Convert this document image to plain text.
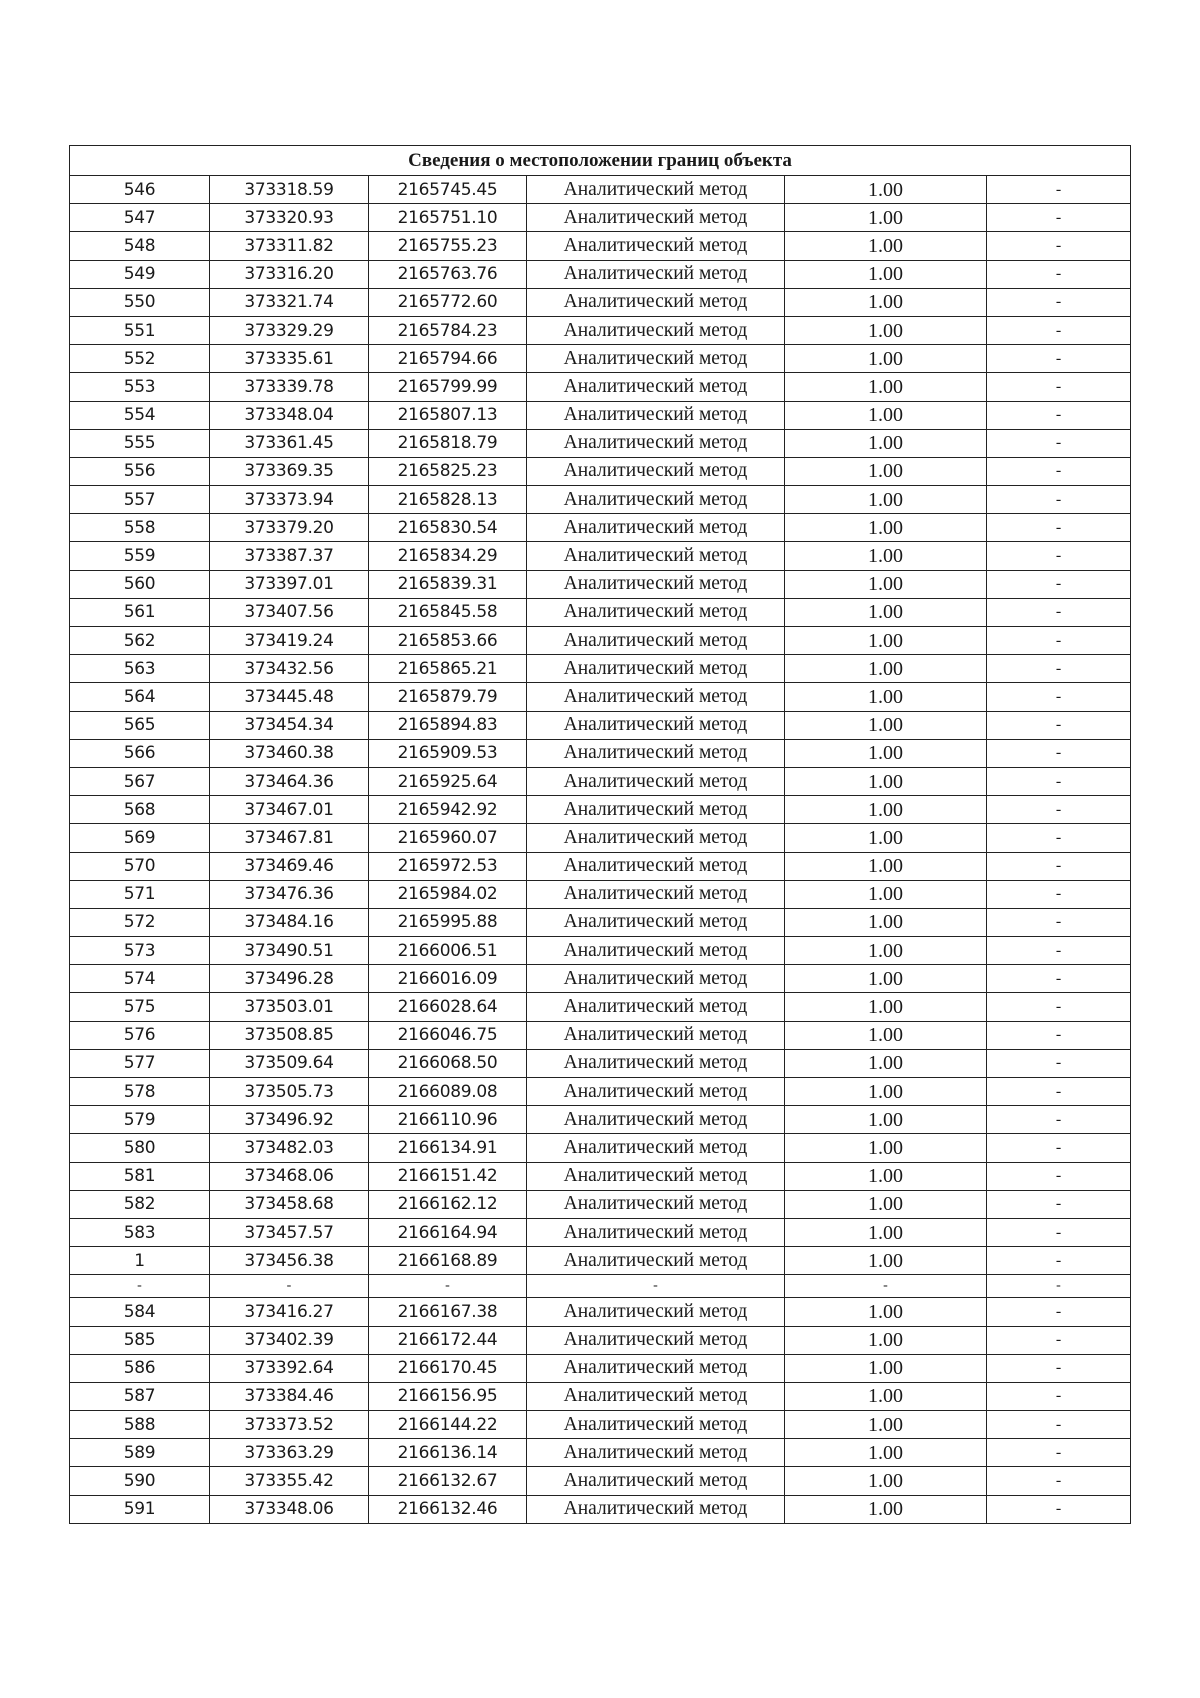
Сведения о местоположении границ объекта					
546	373318.59	2165745.45	Аналитический метод	1.00	-
547	373320.93	2165751.10	Аналитический метод	1.00	-
548	373311.82	2165755.23	Аналитический метод	1.00	-
549	373316.20	2165763.76	Аналитический метод	1.00	-
550	373321.74	2165772.60	Аналитический метод	1.00	-
551	373329.29	2165784.23	Аналитический метод	1.00	-
552	373335.61	2165794.66	Аналитический метод	1.00	-
553	373339.78	2165799.99	Аналитический метод	1.00	-
554	373348.04	2165807.13	Аналитический метод	1.00	-
555	373361.45	2165818.79	Аналитический метод	1.00	-
556	373369.35	2165825.23	Аналитический метод	1.00	-
557	373373.94	2165828.13	Аналитический метод	1.00	-
558	373379.20	2165830.54	Аналитический метод	1.00	-
559	373387.37	2165834.29	Аналитический метод	1.00	-
560	373397.01	2165839.31	Аналитический метод	1.00	-
561	373407.56	2165845.58	Аналитический метод	1.00	-
562	373419.24	2165853.66	Аналитический метод	1.00	-
563	373432.56	2165865.21	Аналитический метод	1.00	-
564	373445.48	2165879.79	Аналитический метод	1.00	-
565	373454.34	2165894.83	Аналитический метод	1.00	-
566	373460.38	2165909.53	Аналитический метод	1.00	-
567	373464.36	2165925.64	Аналитический метод	1.00	-
568	373467.01	2165942.92	Аналитический метод	1.00	-
569	373467.81	2165960.07	Аналитический метод	1.00	-
570	373469.46	2165972.53	Аналитический метод	1.00	-
571	373476.36	2165984.02	Аналитический метод	1.00	-
572	373484.16	2165995.88	Аналитический метод	1.00	-
573	373490.51	2166006.51	Аналитический метод	1.00	-
574	373496.28	2166016.09	Аналитический метод	1.00	-
575	373503.01	2166028.64	Аналитический метод	1.00	-
576	373508.85	2166046.75	Аналитический метод	1.00	-
577	373509.64	2166068.50	Аналитический метод	1.00	-
578	373505.73	2166089.08	Аналитический метод	1.00	-
579	373496.92	2166110.96	Аналитический метод	1.00	-
580	373482.03	2166134.91	Аналитический метод	1.00	-
581	373468.06	2166151.42	Аналитический метод	1.00	-
582	373458.68	2166162.12	Аналитический метод	1.00	-
583	373457.57	2166164.94	Аналитический метод	1.00	-
1	373456.38	2166168.89	Аналитический метод	1.00	-
-	-	-	-	-	-
584	373416.27	2166167.38	Аналитический метод	1.00	-
585	373402.39	2166172.44	Аналитический метод	1.00	-
586	373392.64	2166170.45	Аналитический метод	1.00	-
587	373384.46	2166156.95	Аналитический метод	1.00	-
588	373373.52	2166144.22	Аналитический метод	1.00	-
589	373363.29	2166136.14	Аналитический метод	1.00	-
590	373355.42	2166132.67	Аналитический метод	1.00	-
591	373348.06	2166132.46	Аналитический метод	1.00	-
